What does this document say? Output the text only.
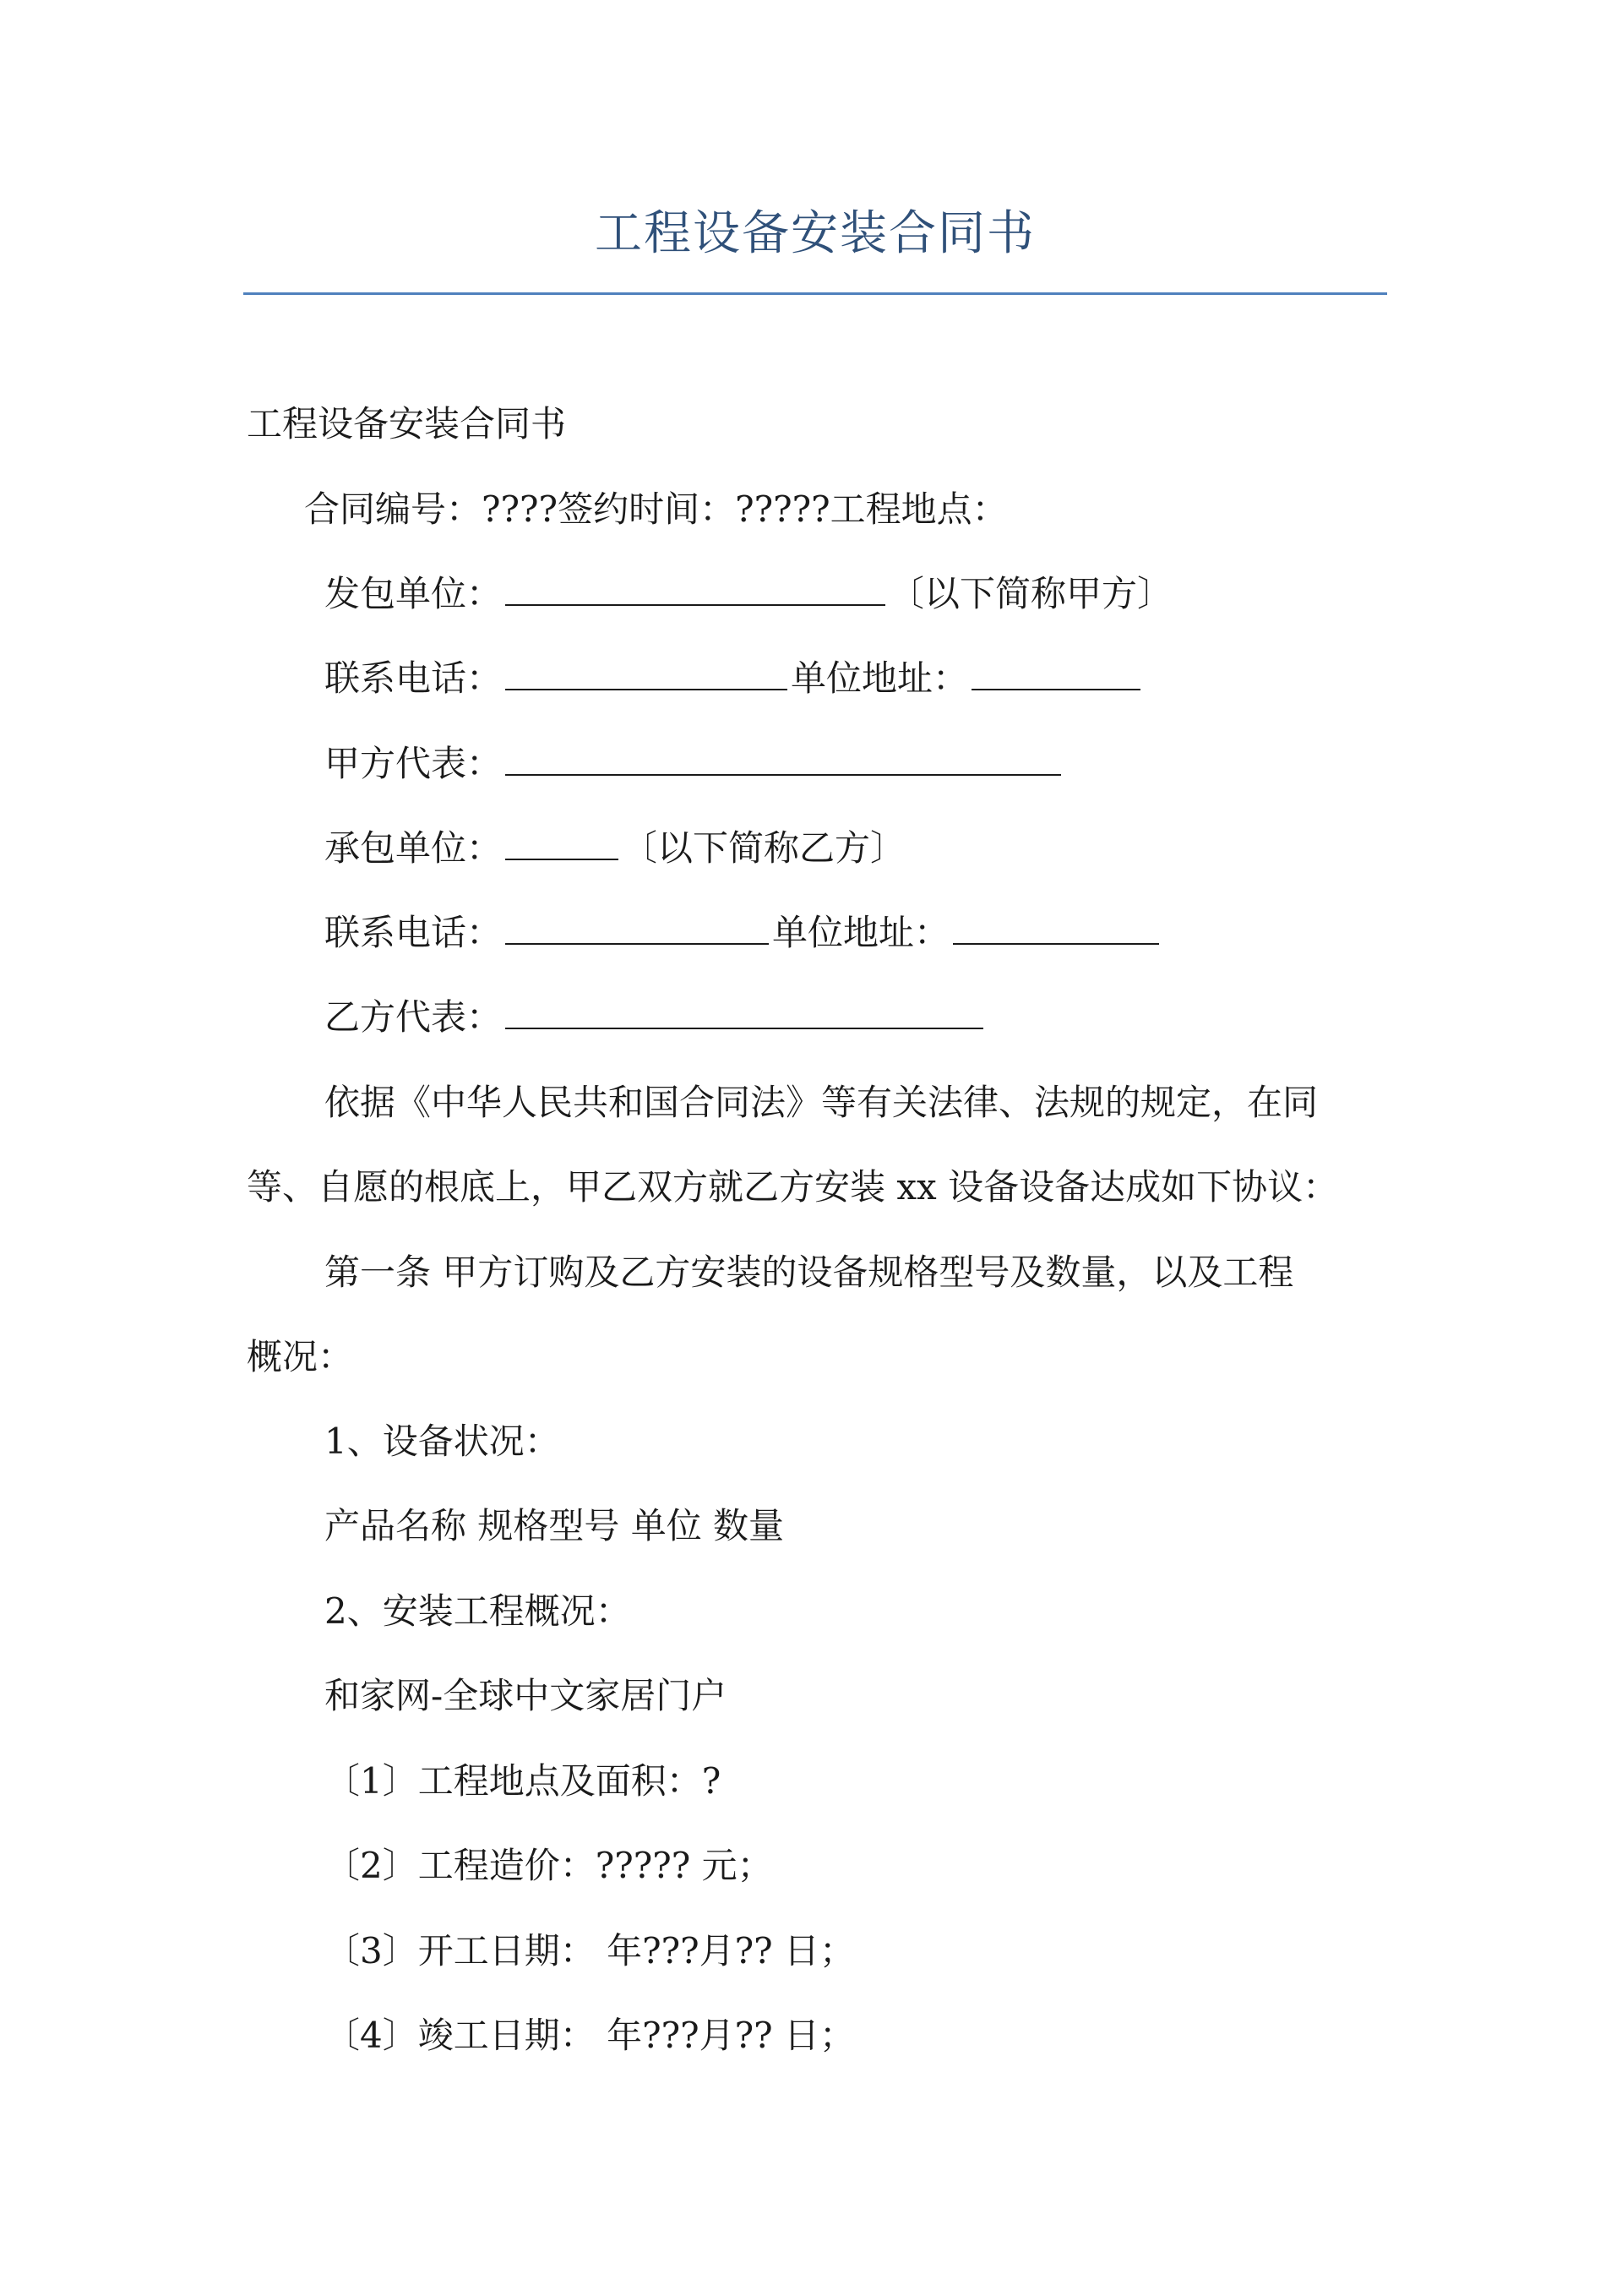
工程设备安装合同书
工程设备安装合同书
合同编号：????签约时间：?????工程地点：
发包单位：	〔以下简称甲方〕
联系电话：	单位地址：
甲方代表：
承包单位：	〔以下简称乙方〕
联系电话：	单位地址：
乙方代表：
依据《中华人民共和国合同法》等有关法律、法规的规定，在同
等、自愿的根底上，甲乙双方就乙方安装 xx 设备设备达成如下协议：
第一条 甲方订购及乙方安装的设备规格型号及数量，以及工程
概况：
1、设备状况：
产品名称 规格型号 单位 数量
2、安装工程概况：
和家网-全球中文家居门户
〔1〕工程地点及面积：?
〔2〕工程造价：????? 元；
〔3〕开工日期： 年???月?? 日；
〔4〕竣工日期： 年???月?? 日；
